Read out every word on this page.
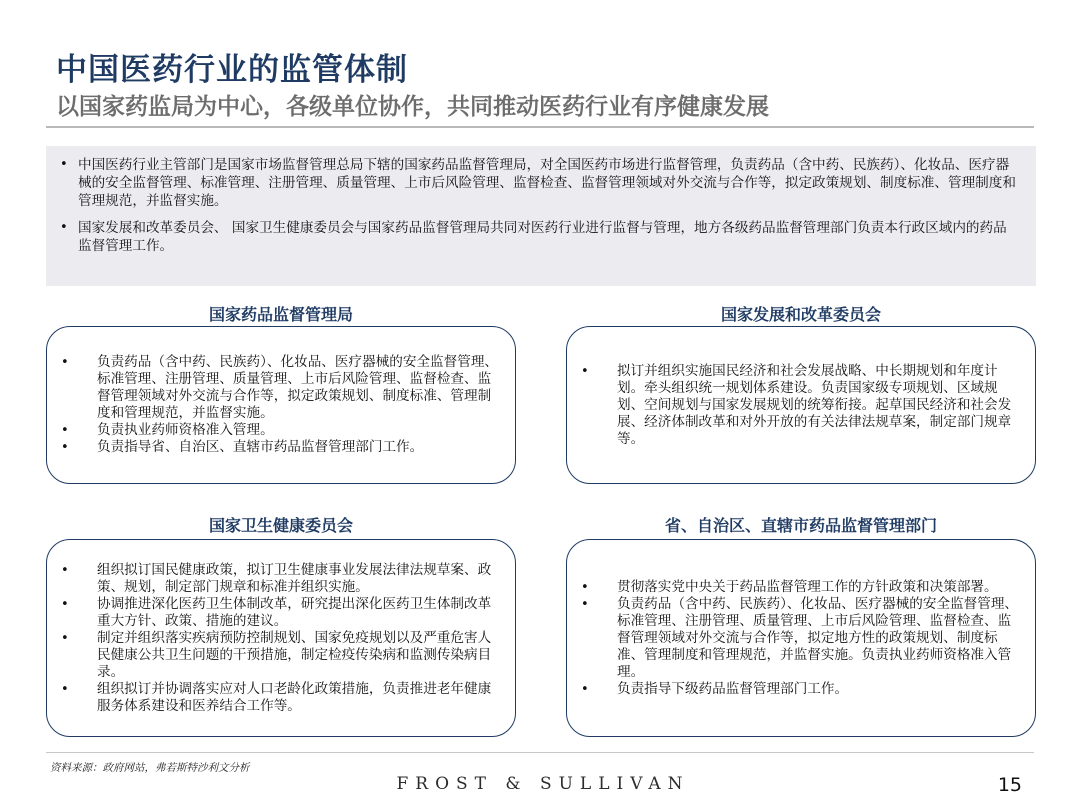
中国医药行业的监管体制
以国家药监局为中心，各级单位协作，共同推动医药行业有序健康发展
• 中国医药行业主管部门是国家市场监督管理总局下辖的国家药品监督管理局，对全国医药市场进行监督管理，负责药品（含中药、民族药）、化妆品、医疗器械的安全监督管理、标准管理、注册管理、质量管理、上市后风险管理、监督检查、监督管理领域对外交流与合作等，拟定政策规划、制度标准、管理制度和管理规范，并监督实施。
• 国家发展和改革委员会、 国家卫生健康委员会与国家药品监督管理局共同对医药行业进行监督与管理，地方各级药品监督管理部门负责本行政区域内的药品监督管理工作。
国家药品监督管理局
• 负责药品（含中药、民族药）、化妆品、医疗器械的安全监督管理、标准管理、注册管理、质量管理、上市后风险管理、监督检查、监督管理领域对外交流与合作等，拟定政策规划、制度标准、管理制度和管理规范，并监督实施。
• 负责执业药师资格准入管理。
• 负责指导省、自治区、直辖市药品监督管理部门工作。
国家发展和改革委员会
• 拟订并组织实施国民经济和社会发展战略、中长期规划和年度计划。牵头组织统一规划体系建设。负责国家级专项规划、区域规划、空间规划与国家发展规划的统筹衔接。起草国民经济和社会发展、经济体制改革和对外开放的有关法律法规草案，制定部门规章等。
国家卫生健康委员会
• 组织拟订国民健康政策，拟订卫生健康事业发展法律法规草案、政策、规划，制定部门规章和标准并组织实施。
• 协调推进深化医药卫生体制改革，研究提出深化医药卫生体制改革重大方针、政策、措施的建议。
• 制定并组织落实疾病预防控制规划、国家免疫规划以及严重危害人民健康公共卫生问题的干预措施，制定检疫传染病和监测传染病目录。
• 组织拟订并协调落实应对人口老龄化政策措施，负责推进老年健康服务体系建设和医养结合工作等。
省、自治区、直辖市药品监督管理部门
• 贯彻落实党中央关于药品监督管理工作的方针政策和决策部署。
• 负责药品（含中药、民族药）、化妆品、医疗器械的安全监督管理、标准管理、注册管理、质量管理、上市后风险管理、监督检查、监督管理领域对外交流与合作等，拟定地方性的政策规划、制度标准、管理制度和管理规范，并监督实施。负责执业药师资格准入管理。
• 负责指导下级药品监督管理部门工作。
资料来源：政府网站，弗若斯特沙利文分析
FROST & SULLIVAN	15
